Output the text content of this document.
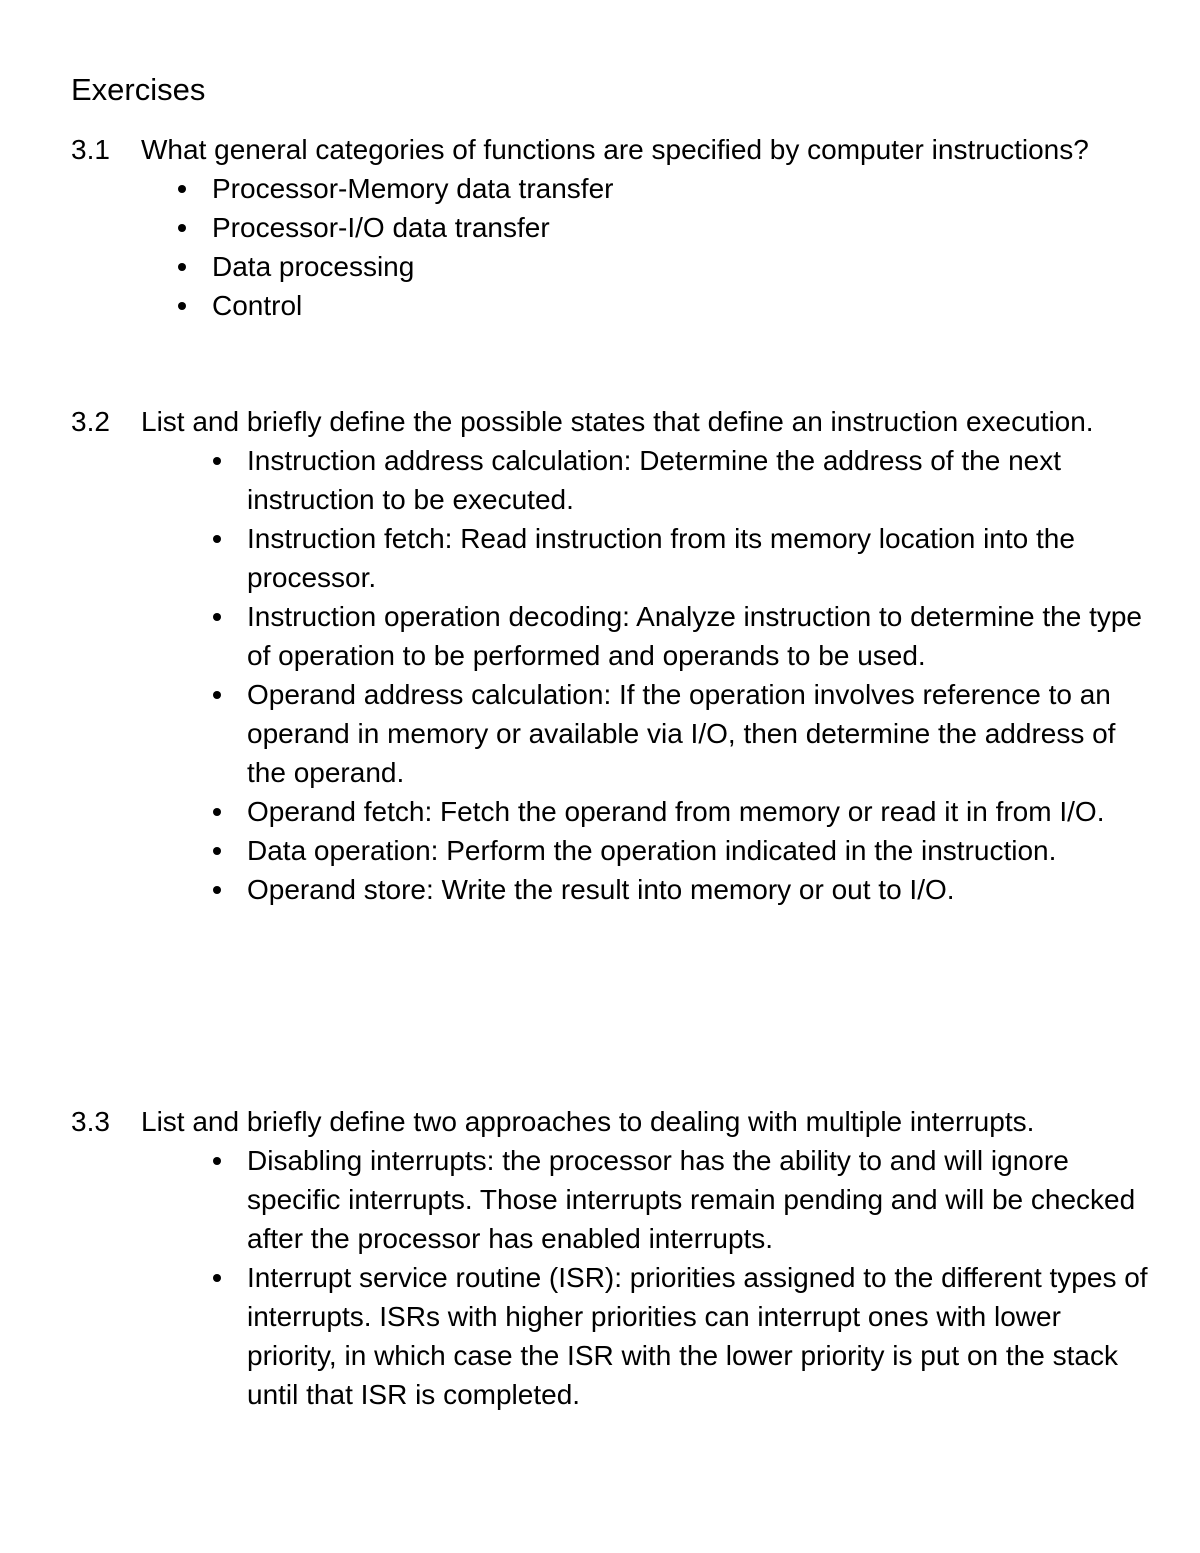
Exercises
3.1 What general categories of functions are specified by computer instructions?
Processor-Memory data transfer
Processor-I/O data transfer
Data processing
Control
3.2 List and briefly define the possible states that define an instruction execution.
Instruction address calculation: Determine the address of the next instruction to be executed.
Instruction fetch: Read instruction from its memory location into the processor.
Instruction operation decoding: Analyze instruction to determine the type of operation to be performed and operands to be used.
Operand address calculation: If the operation involves reference to an operand in memory or available via I/O, then determine the address of the operand.
Operand fetch: Fetch the operand from memory or read it in from I/O.
Data operation: Perform the operation indicated in the instruction.
Operand store: Write the result into memory or out to I/O.
3.3 List and briefly define two approaches to dealing with multiple interrupts.
Disabling interrupts: the processor has the ability to and will ignore specific interrupts. Those interrupts remain pending and will be checked after the processor has enabled interrupts.
Interrupt service routine (ISR): priorities assigned to the different types of interrupts. ISRs with higher priorities can interrupt ones with lower priority, in which case the ISR with the lower priority is put on the stack until that ISR is completed.
